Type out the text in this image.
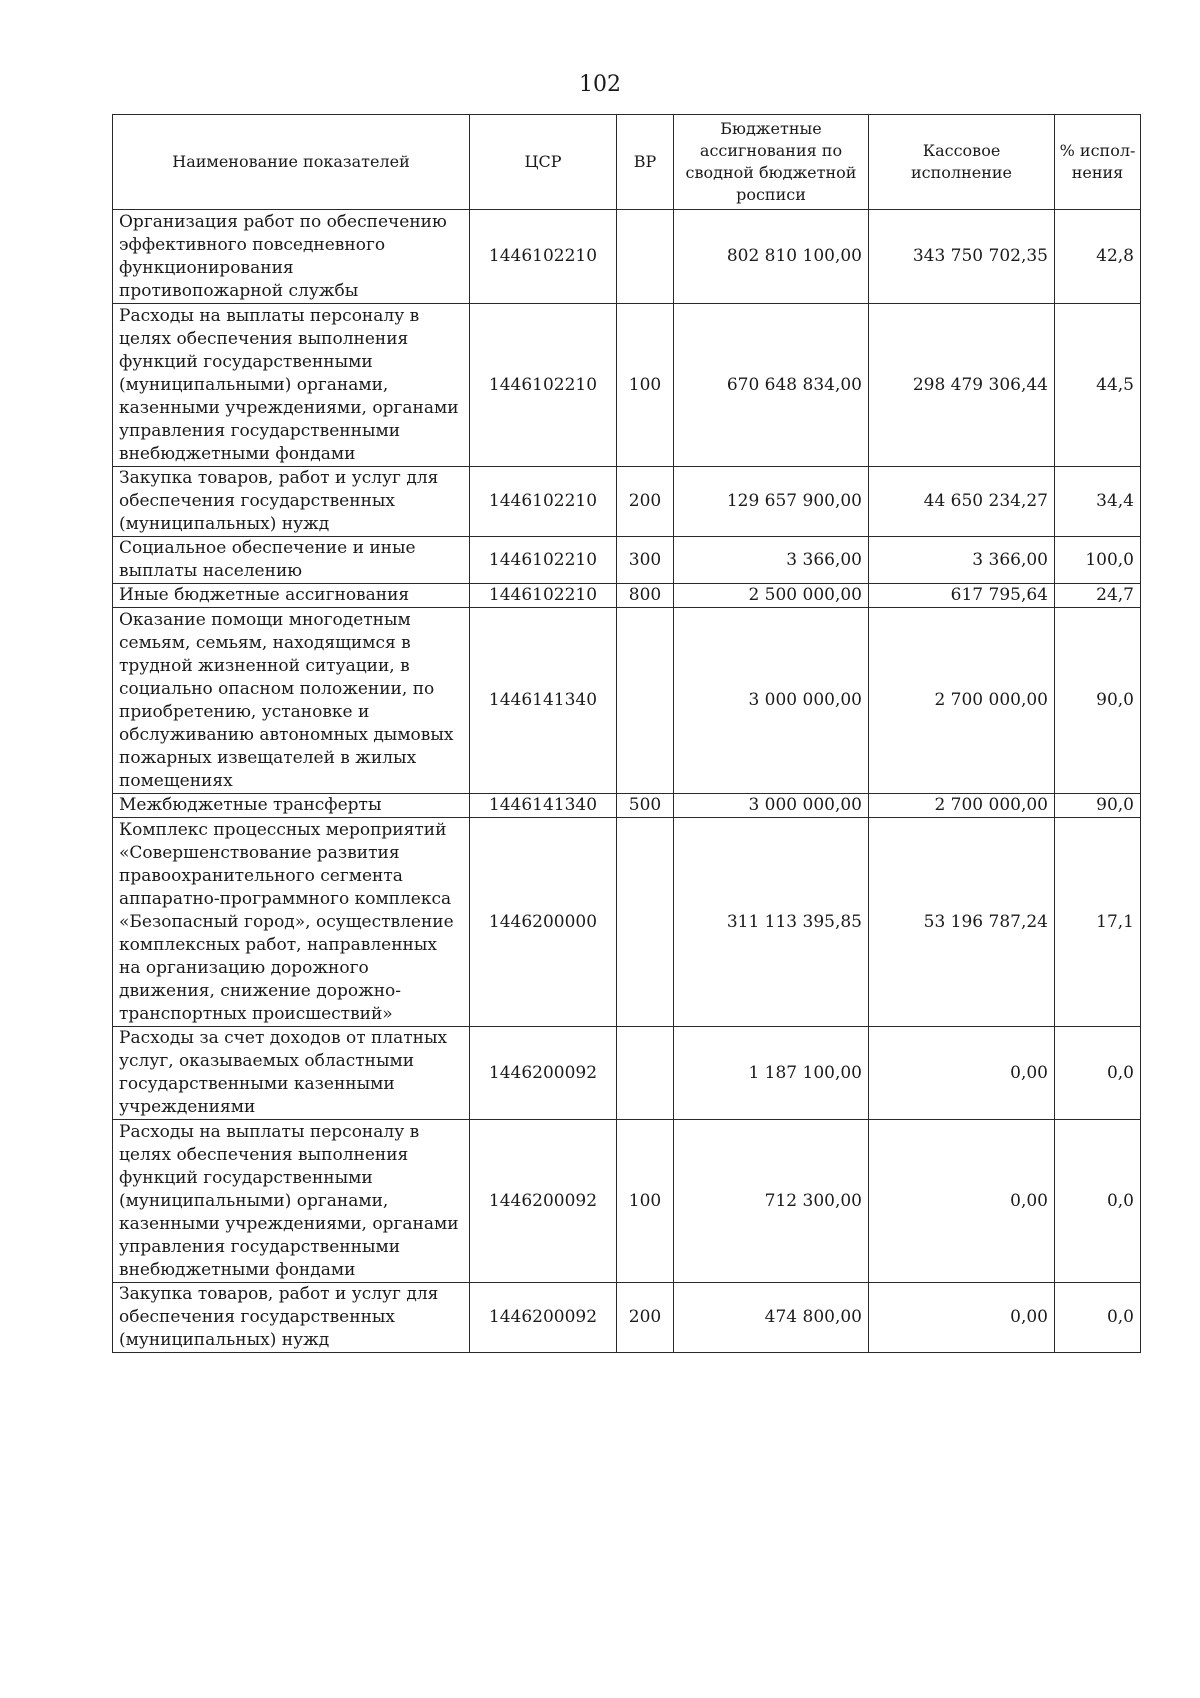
102
Наименование показателей	ЦСР	ВР	Бюджетные ассигнования по сводной бюджетной росписи	Кассовое исполнение	% испол-нения
Организация работ по обеспечению эффективного повседневного функционирования противопожарной службы	1446102210		802 810 100,00	343 750 702,35	42,8
Расходы на выплаты персоналу в целях обеспечения выполнения функций государственными (муниципальными) органами, казенными учреждениями, органами управления государственными внебюджетными фондами	1446102210	100	670 648 834,00	298 479 306,44	44,5
Закупка товаров, работ и услуг для обеспечения государственных (муниципальных) нужд	1446102210	200	129 657 900,00	44 650 234,27	34,4
Социальное обеспечение и иные выплаты населению	1446102210	300	3 366,00	3 366,00	100,0
Иные бюджетные ассигнования	1446102210	800	2 500 000,00	617 795,64	24,7
Оказание помощи многодетным семьям, семьям, находящимся в трудной жизненной ситуации, в социально опасном положении, по приобретению, установке и обслуживанию автономных дымовых пожарных извещателей в жилых помещениях	1446141340		3 000 000,00	2 700 000,00	90,0
Межбюджетные трансферты	1446141340	500	3 000 000,00	2 700 000,00	90,0
Комплекс процессных мероприятий «Совершенствование развития правоохранительного сегмента аппаратно-программного комплекса «Безопасный город», осуществление комплексных работ, направленных на организацию дорожного движения, снижение дорожно-транспортных происшествий»	1446200000		311 113 395,85	53 196 787,24	17,1
Расходы за счет доходов от платных услуг, оказываемых областными государственными казенными учреждениями	1446200092		1 187 100,00	0,00	0,0
Расходы на выплаты персоналу в целях обеспечения выполнения функций государственными (муниципальными) органами, казенными учреждениями, органами управления государственными внебюджетными фондами	1446200092	100	712 300,00	0,00	0,0
Закупка товаров, работ и услуг для обеспечения государственных (муниципальных) нужд	1446200092	200	474 800,00	0,00	0,0
